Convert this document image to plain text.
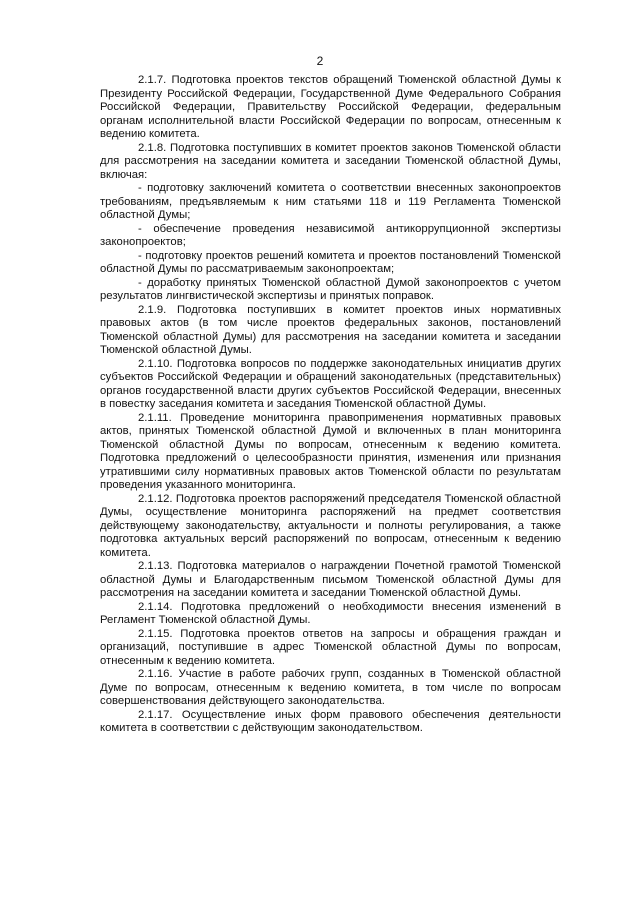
2

2.1.7. Подготовка проектов текстов обращений Тюменской областной Думы к Президенту Российской Федерации, Государственной Думе Федерального Собрания Российской Федерации, Правительству Российской Федерации, федеральным органам исполнительной власти Российской Федерации по вопросам, отнесенным к ведению комитета.

2.1.8. Подготовка поступивших в комитет проектов законов Тюменской области для рассмотрения на заседании комитета и заседании Тюменской областной Думы, включая:

- подготовку заключений комитета о соответствии внесенных законопроектов требованиям, предъявляемым к ним статьями 118 и 119 Регламента Тюменской областной Думы;

- обеспечение проведения независимой антикоррупционной экспертизы законопроектов;

- подготовку проектов решений комитета и проектов постановлений Тюменской областной Думы по рассматриваемым законопроектам;

- доработку принятых Тюменской областной Думой законопроектов с учетом результатов лингвистической экспертизы и принятых поправок.

2.1.9. Подготовка поступивших в комитет проектов иных нормативных правовых актов (в том числе проектов федеральных законов, постановлений Тюменской областной Думы) для рассмотрения на заседании комитета и заседании Тюменской областной Думы.

2.1.10. Подготовка вопросов по поддержке законодательных инициатив других субъектов Российской Федерации и обращений законодательных (представительных) органов государственной власти других субъектов Российской Федерации, внесенных в повестку заседания комитета и заседания Тюменской областной Думы.

2.1.11. Проведение мониторинга правоприменения нормативных правовых актов, принятых Тюменской областной Думой и включенных в план мониторинга Тюменской областной Думы по вопросам, отнесенным к ведению комитета. Подготовка предложений о целесообразности принятия, изменения или признания утратившими силу нормативных правовых актов Тюменской области по результатам проведения указанного мониторинга.

2.1.12. Подготовка проектов распоряжений председателя Тюменской областной Думы, осуществление мониторинга распоряжений на предмет соответствия действующему законодательству, актуальности и полноты регулирования, а также подготовка актуальных версий распоряжений по вопросам, отнесенным к ведению комитета.

2.1.13. Подготовка материалов о награждении Почетной грамотой Тюменской областной Думы и Благодарственным письмом Тюменской областной Думы для рассмотрения на заседании комитета и заседании Тюменской областной Думы.

2.1.14. Подготовка предложений о необходимости внесения изменений в Регламент Тюменской областной Думы.

2.1.15. Подготовка проектов ответов на запросы и обращения граждан и организаций, поступившие в адрес Тюменской областной Думы по вопросам, отнесенным к ведению комитета.

2.1.16. Участие в работе рабочих групп, созданных в Тюменской областной Думе по вопросам, отнесенным к ведению комитета, в том числе по вопросам совершенствования действующего законодательства.

2.1.17. Осуществление иных форм правового обеспечения деятельности комитета в соответствии с действующим законодательством.
